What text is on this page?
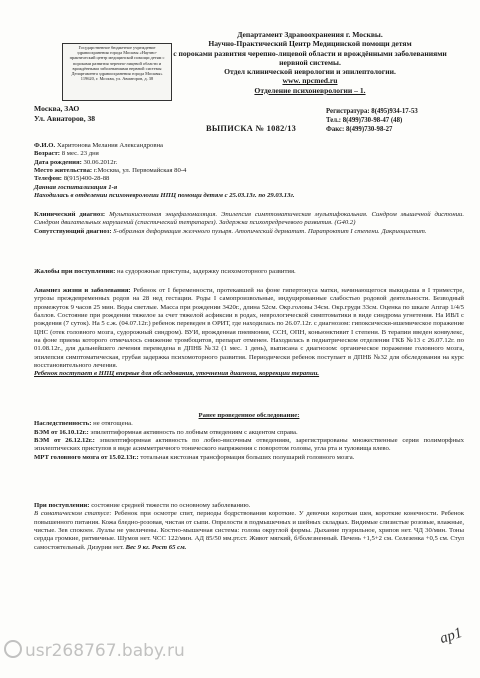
Государственное бюджетное учреждение здравоохранения города Москвы «Научно-практический центр медицинской помощи детям с пороками развития черепно-лицевой области и врождёнными заболеваниями нервной системы Департамента здравоохранения города Москвы» 119620, г. Москва, ул. Авиаторов, д. 38
Департамент Здравоохранения г. Москвы.
Научно-Практический Центр Медицинской помощи детям
с пороками развития черепно-лицевой области и врождёнными заболеваниями
нервной системы.
Отдел клинической неврологии и эпилептологии.
www. npcmed.ru
Отделение психоневрологии – 1.
Москва, ЗАО
Ул. Авиаторов, 38
Регистратура: 8(495)934-17-53
Тел.: 8(499)730-98-47 (48)
Факс: 8(499)730-98-27
ВЫПИСКА № 1082/13
Ф.И.О. Харитонова Мелания Александровна
Возраст: 8 мес. 23 дня
Дата рождения: 30.06.2012г.
Место жительства: г.Москва, ул. Первомайская 80-4
Телефон: 8(915)400-28-88
Данная госпитализация 1-я
Находилась в отделении психоневрологии НПЦ помощи детям с 25.03.13г. по 29.03.13г.
Клинический диагноз: Мультикистозная энцефаломаляция. Эпилепсия симптоматическая мультифокальная. Синдром мышечной дистонии. Синдром двигательных нарушений (спастический тетрапарез). Задержка психопредречевого развития. (G40.2)
Сопутствующий диагноз: S-образная деформация желчного пузыря. Атопический дерматит. Парапроктит I степени. Дакриоцистит.
Жалобы при поступлении: на судорожные приступы, задержку психомоторного развития.
Анамнез жизни и заболевания: Ребенок от I беременности, протекавшей на фоне гипертонуса матки, начинающегося выкидыша в I триместре, угрозы преждевременных родов на 28 нед гестации. Роды I самопроизвольные, индуцированные слабостью родовой деятельности. Безводный промежуток 9 часов 25 мин. Воды светлые. Масса при рождении 3420г., длина 52см. Окр.головы 34см. Окр.груди 33см. Оценка по шкале Апгар 1/4/5 баллов. Состояние при рождении тяжелое за счет тяжелой асфиксии в родах, неврологической симптоматики в виде синдрома угнетения. На ИВЛ с рождения (7 суток). На 5 с.ж. (04.07.12г.) ребенок переведен в ОРИТ, где находилась по 26.07.12г. с диагнозом: гипоксически-ишемическое поражение ЦНС (отек головного мозга, судорожный синдром). ВУИ, врожденная пневмония, ССН, ОПН, коньюнктивит I степени. В терапии введен конвулекс, на фоне приема которого отмечалось снижение тромбоцитов, препарат отменен. Находилась в педиатрическом отделении ГКБ №13 с 26.07.12г. по 01.08.12г., для дальнейшего лечения переведена в ДПНБ №32 (1 мес. 1 день), выписана с диагнозом: органическое поражение головного мозга, эпилепсия симптоматическая, грубая задержка психомоторного развития. Периодически ребенок поступает в ДПНБ №32 для обследования на курс восстановительного лечения.
Ребенок поступает в НПЦ впервые для обследования, уточнения диагноза, коррекции терапии.
Ранее проведенное обследование:
Наследственность: не отягощена.
ВЭМ от 16.10.12г.: эпилептиформная активность по лобным отведениям с акцентом справа.
ВЭМ от 26.12.12г.: эпилептиформная активность по лобно-височным отведениям, зарегистрированы множественные серии полиморфных эпилептических приступов в виде асимметричного тонического напряжения с поворотом головы, угла рта и туловища влево.
МРТ головного мозга от 15.02.13г.: тотальная кистозная трансформация больших полушарий головного мозга.
При поступлении: состояние средней тяжести по основному заболеванию.
В соматическом статусе: Ребенок при осмотре спит, периоды бодрствования короткие. У девочки короткая шея, короткие конечности. Ребенок повышенного питания. Кожа бледно-розовая, чистая от сыпи. Опрелости в подмышечных и шейных складках. Видимые слизистые розовые, влажные, чистые. Зев спокоен. Лузлы не увеличены. Костно-мышечная система: голова округлой формы. Дыхание пуэрильное, хрипов нет. ЧД 30/мин. Тоны сердца громкие, ритмичные. Шумов нет. ЧСС 122/мин. АД 85/50 мм.рт.ст. Живот мягкий, б/болезненный. Печень +1,5+2 см. Селезенка +0,5 см. Стул самостоятельный. Дизурии нет. Вес 9 кг. Рост 65 см.
ар1
usr268767.baby.ru
